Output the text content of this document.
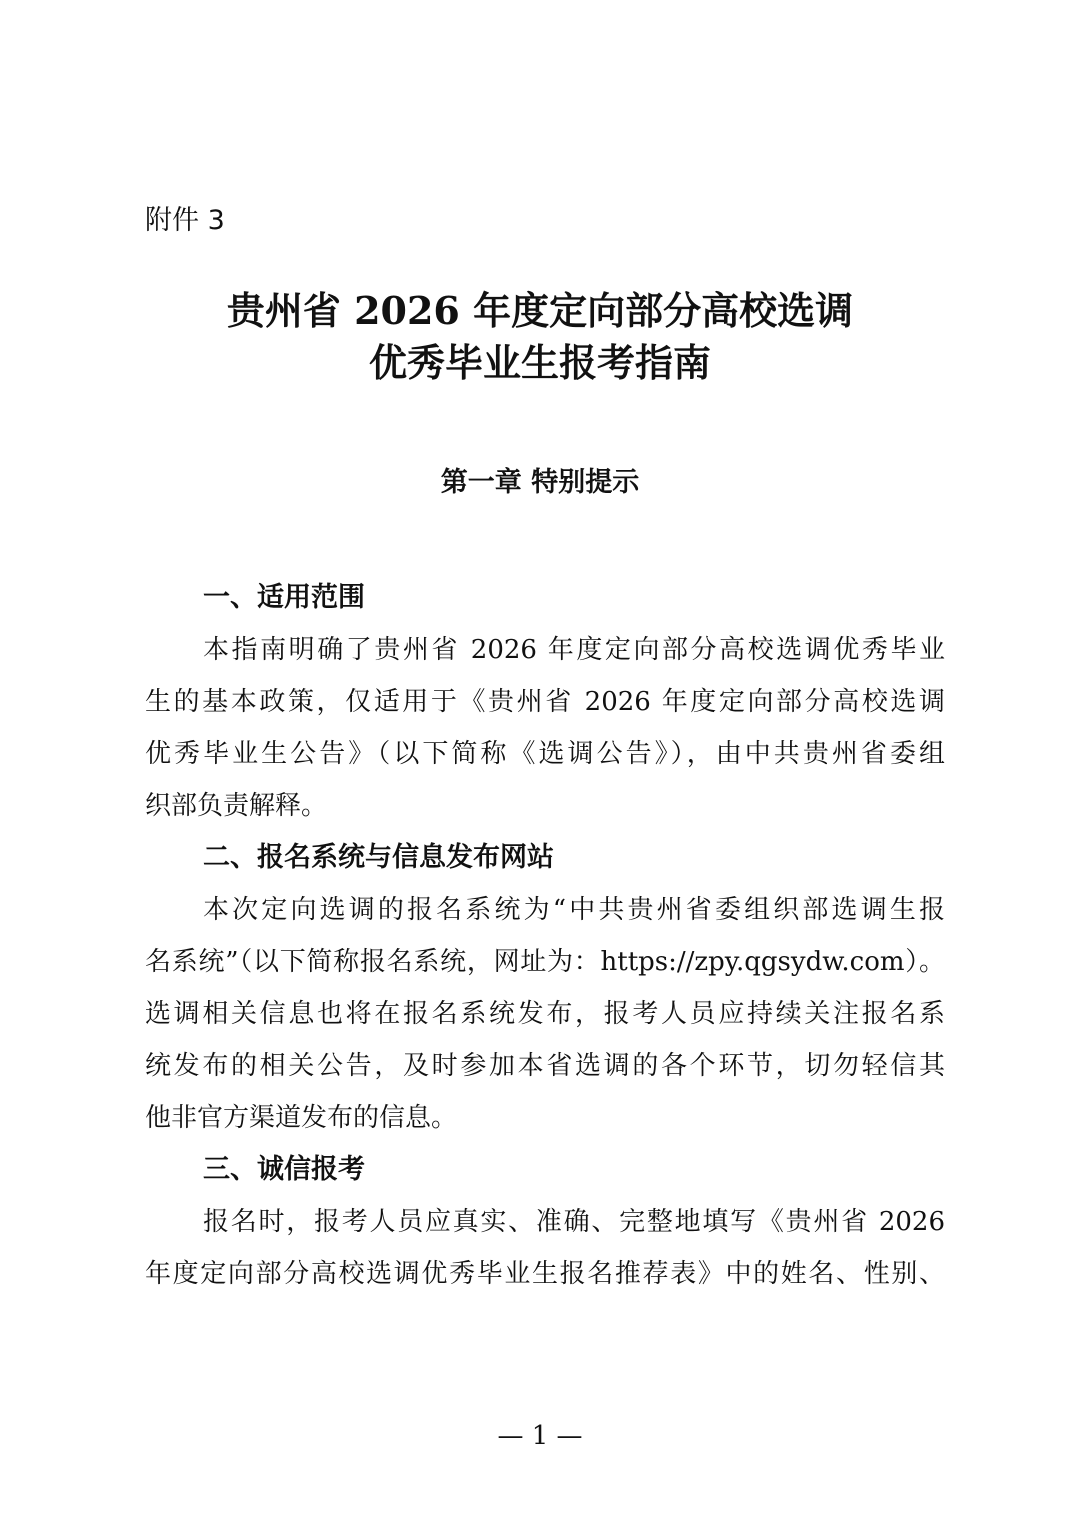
附件 3
贵州省 2026 年度定向部分高校选调
优秀毕业生报考指南
第一章 特别提示
一、适用范围
本指南明确了贵州省 2026 年度定向部分高校选调优秀毕业
生的基本政策，仅适用于《贵州省 2026 年度定向部分高校选调
优秀毕业生公告》（以下简称《选调公告》），由中共贵州省委组
织部负责解释。
二、报名系统与信息发布网站
本次定向选调的报名系统为“中共贵州省委组织部选调生报
名系统”（以下简称报名系统，网址为：https://zpy.qgsydw.com）。
选调相关信息也将在报名系统发布，报考人员应持续关注报名系
统发布的相关公告，及时参加本省选调的各个环节，切勿轻信其
他非官方渠道发布的信息。
三、诚信报考
报名时，报考人员应真实、准确、完整地填写《贵州省 2026
年度定向部分高校选调优秀毕业生报名推荐表》中的姓名、性别、
— 1 —
